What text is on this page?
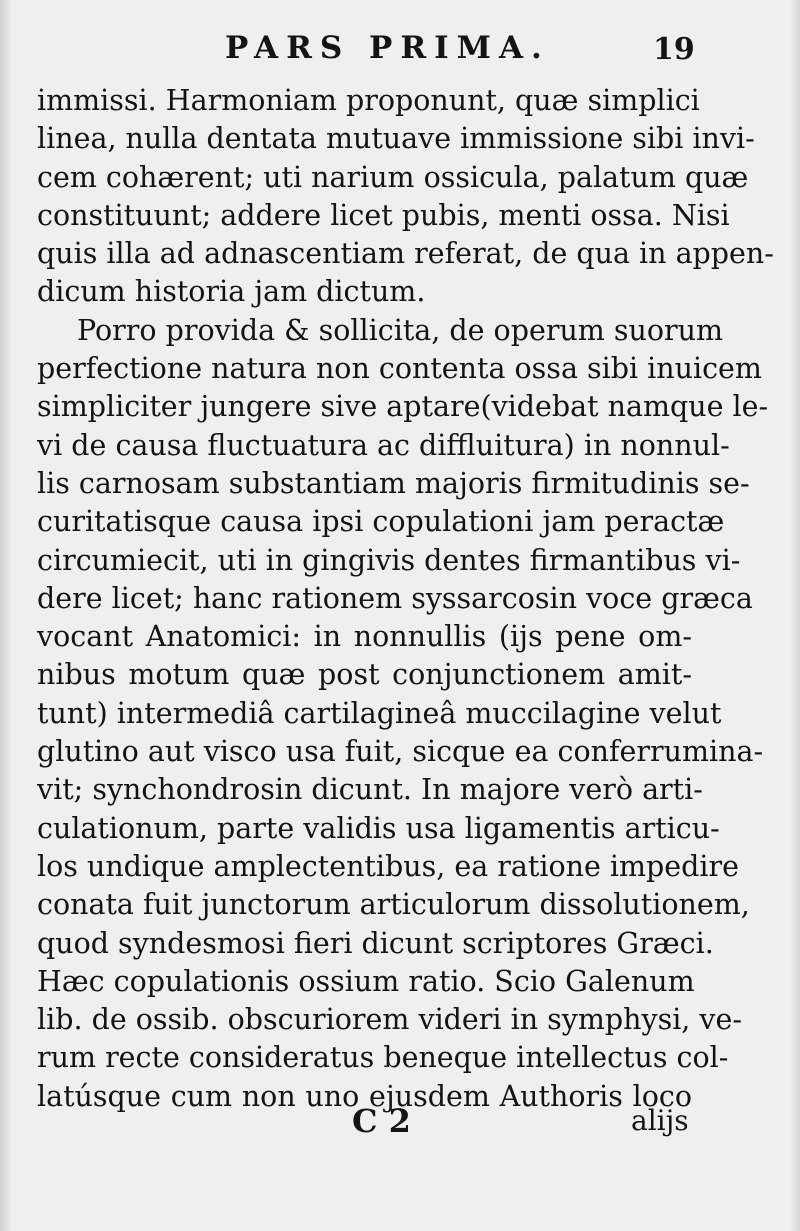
PARS PRIMA.	19
immissi. Harmoniam proponunt, quæ simplici
linea, nulla dentata mutuave immissione sibi invi-
cem cohærent; uti narium ossicula, palatum quæ
constituunt; addere licet pubis, menti ossa. Nisi
quis illa ad adnascentiam referat, de qua in appen-
dicum historia jam dictum.
Porro provida & sollicita, de operum suorum
perfectione natura non contenta ossa sibi inuicem
simpliciter jungere sive aptare(videbat namque le-
vi de causa fluctuatura ac diffluitura) in nonnul-
lis carnosam substantiam majoris firmitudinis se-
curitatisque causa ipsi copulationi jam peractæ
circumiecit, uti in gingivis dentes firmantibus vi-
dere licet; hanc rationem syssarcosin voce græca
vocant Anatomici: in nonnullis (ijs pene om-
nibus motum quæ post conjunctionem amit-
tunt) intermediâ cartilagineâ muccilagine velut
glutino aut visco usa fuit, sicque ea conferrumina-
vit; synchondrosin dicunt. In majore verò arti-
culationum, parte validis usa ligamentis articu-
los undique amplectentibus, ea ratione impedire
conata fuit junctorum articulorum dissolutionem,
quod syndesmosi fieri dicunt scriptores Græci.
Hæc copulationis ossium ratio. Scio Galenum
lib. de ossib. obscuriorem videri in symphysi, ve-
rum recte consideratus beneque intellectus col-
latúsque cum non uno ejusdem Authoris loco
C 2	alijs
